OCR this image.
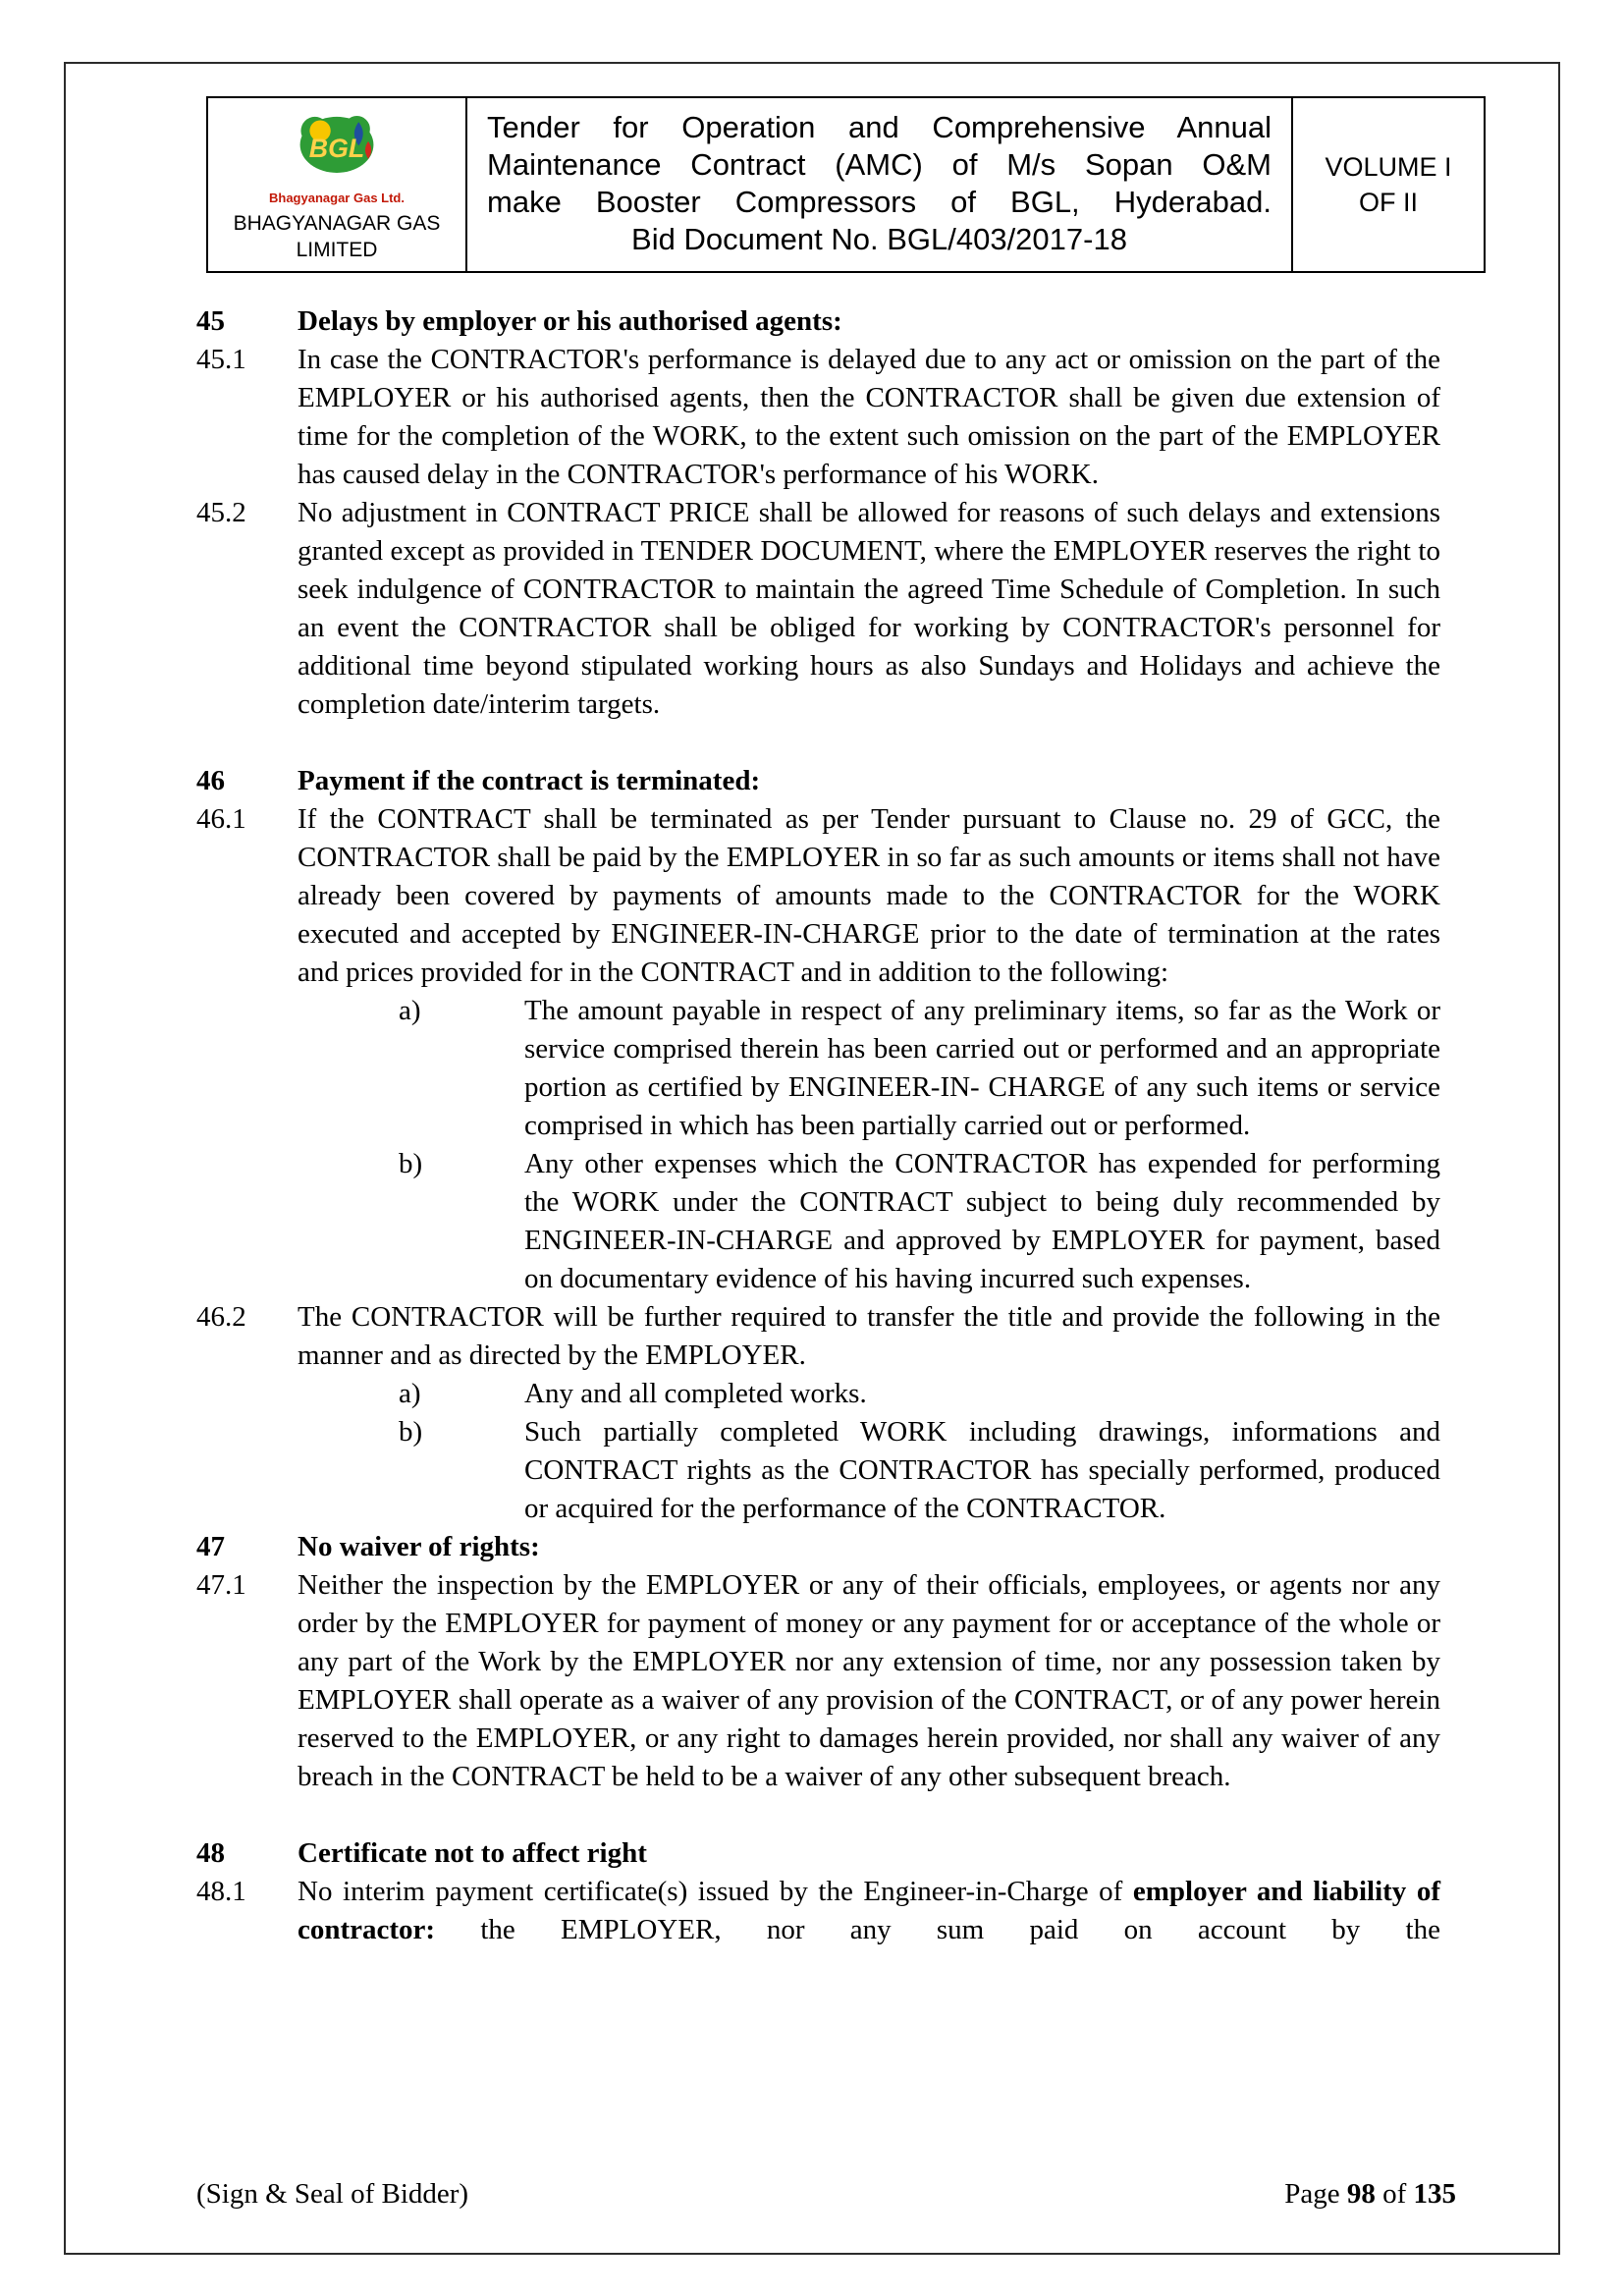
BGL
Bhagyanagar Gas Ltd.
BHAGYANAGAR GAS LIMITED
Tender for Operation and Comprehensive Annual
Maintenance Contract (AMC) of M/s Sopan O&M
make Booster Compressors of BGL, Hyderabad.
Bid Document No. BGL/403/2017-18
VOLUME I
OF II
45	Delays by employer or his authorised agents:
45.1	In case the CONTRACTOR's performance is delayed due to any act or omission on the part of the EMPLOYER or his authorised agents, then the CONTRACTOR shall be given due extension of time for the completion of the WORK, to the extent such omission on the part of the EMPLOYER has caused delay in the CONTRACTOR's performance of his WORK.
45.2	No adjustment in CONTRACT PRICE shall be allowed for reasons of such delays and extensions granted except as provided in TENDER DOCUMENT, where the EMPLOYER reserves the right to seek indulgence of CONTRACTOR to maintain the agreed Time Schedule of Completion. In such an event the CONTRACTOR shall be obliged for working by CONTRACTOR's personnel for additional time beyond stipulated working hours as also Sundays and Holidays and achieve the completion date/interim targets.
46	Payment if the contract is terminated:
46.1	If the CONTRACT shall be terminated as per Tender pursuant to Clause no. 29 of GCC, the CONTRACTOR shall be paid by the EMPLOYER in so far as such amounts or items shall not have already been covered by payments of amounts made to the CONTRACTOR for the WORK executed and accepted by ENGINEER-IN-CHARGE prior to the date of termination at the rates and prices provided for in the CONTRACT and in addition to the following:
a)	The amount payable in respect of any preliminary items, so far as the Work or service comprised therein has been carried out or performed and an appropriate portion as certified by ENGINEER-IN- CHARGE of any such items or service comprised in which has been partially carried out or performed.
b)	Any other expenses which the CONTRACTOR has expended for performing the WORK under the CONTRACT subject to being duly recommended by ENGINEER-IN-CHARGE and approved by EMPLOYER for payment, based on documentary evidence of his having incurred such expenses.
46.2	The CONTRACTOR will be further required to transfer the title and provide the following in the manner and as directed by the EMPLOYER.
a)	Any and all completed works.
b)	Such partially completed WORK including drawings, informations and CONTRACT rights as the CONTRACTOR has specially performed, produced or acquired for the performance of the CONTRACTOR.
47	No waiver of rights:
47.1	Neither the inspection by the EMPLOYER or any of their officials, employees, or agents nor any order by the EMPLOYER for payment of money or any payment for or acceptance of the whole or any part of the Work by the EMPLOYER nor any extension of time, nor any possession taken by EMPLOYER shall operate as a waiver of any provision of the CONTRACT, or of any power herein reserved to the EMPLOYER, or any right to damages herein provided, nor shall any waiver of any breach in the CONTRACT be held to be a waiver of any other subsequent breach.
48	Certificate not to affect right
48.1	No interim payment certificate(s) issued by the Engineer-in-Charge of employer and liability of contractor: the EMPLOYER, nor any sum paid on account by the
(Sign & Seal of Bidder)	Page 98 of 135
